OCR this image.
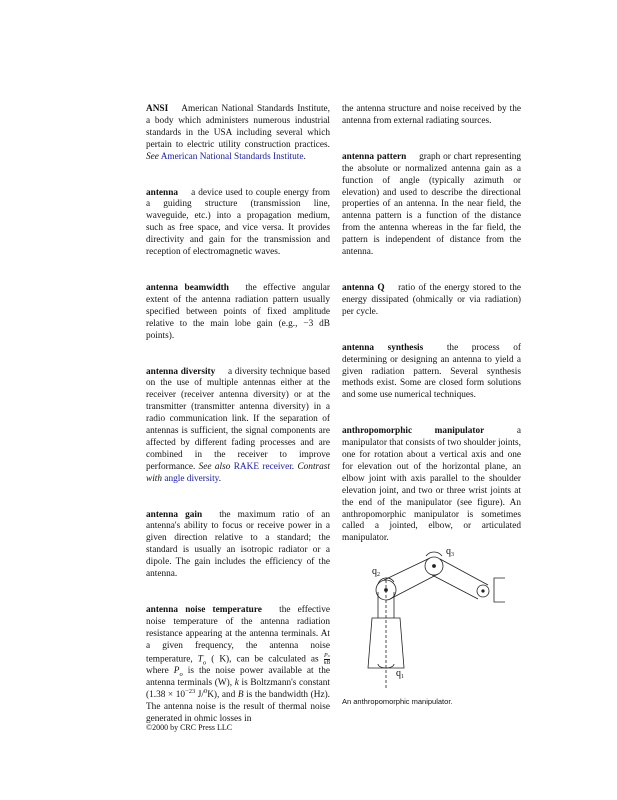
ANSI American National Standards Institute, a body which administers numerous industrial standards in the USA including several which pertain to electric utility construction practices. See American National Standards Institute.
antenna a device used to couple energy from a guiding structure (transmission line, waveguide, etc.) into a propagation medium, such as free space, and vice versa. It provides directivity and gain for the transmission and reception of electromagnetic waves.
antenna beamwidth the effective angular extent of the antenna radiation pattern usually specified between points of fixed amplitude relative to the main lobe gain (e.g., −3 dB points).
antenna diversity a diversity technique based on the use of multiple antennas either at the receiver (receiver antenna diversity) or at the transmitter (transmitter antenna diversity) in a radio communication link. If the separation of antennas is sufficient, the signal components are affected by different fading processes and are combined in the receiver to improve performance. See also RAKE receiver. Contrast with angle diversity.
antenna gain the maximum ratio of an antenna's ability to focus or receive power in a given direction relative to a standard; the standard is usually an isotropic radiator or a dipole. The gain includes the efficiency of the antenna.
antenna noise temperature the effective noise temperature of the antenna radiation resistance appearing at the antenna terminals. At a given frequency, the antenna noise temperature, $T_o$ ( K), can be calculated as $\frac{Po}{kB}$
where $P_o$ is the noise power available at the antenna terminals (W), k is Boltzmann's constant ($1.38 \times 10^{-23}$ J/$^0$K), and B is the bandwidth (Hz). The antenna noise is the result of thermal noise generated in ohmic losses in
the antenna structure and noise received by the antenna from external radiating sources.
antenna pattern graph or chart representing the absolute or normalized antenna gain as a function of angle (typically azimuth or elevation) and used to describe the directional properties of an antenna. In the near field, the antenna pattern is a function of the distance from the antenna whereas in the far field, the pattern is independent of distance from the antenna.
antenna Q ratio of the energy stored to the energy dissipated (ohmically or via radiation) per cycle.
antenna synthesis	the process of determining or designing an antenna to yield a given radiation pattern. Several synthesis methods exist. Some are closed form solutions and some use numerical techniques.
anthropomorphic manipulator	a manipulator that consists of two shoulder joints, one for rotation about a vertical axis and one for elevation out of the horizontal plane, an elbow joint with axis parallel to the shoulder elevation joint, and two or three wrist joints at the end of the manipulator (see figure). An anthropomorphic manipulator is sometimes called a jointed, elbow, or articulated manipulator.
$q_1$
$q_2$
$q_3$
An anthropomorphic manipulator.
©2000 by CRC Press LLC
